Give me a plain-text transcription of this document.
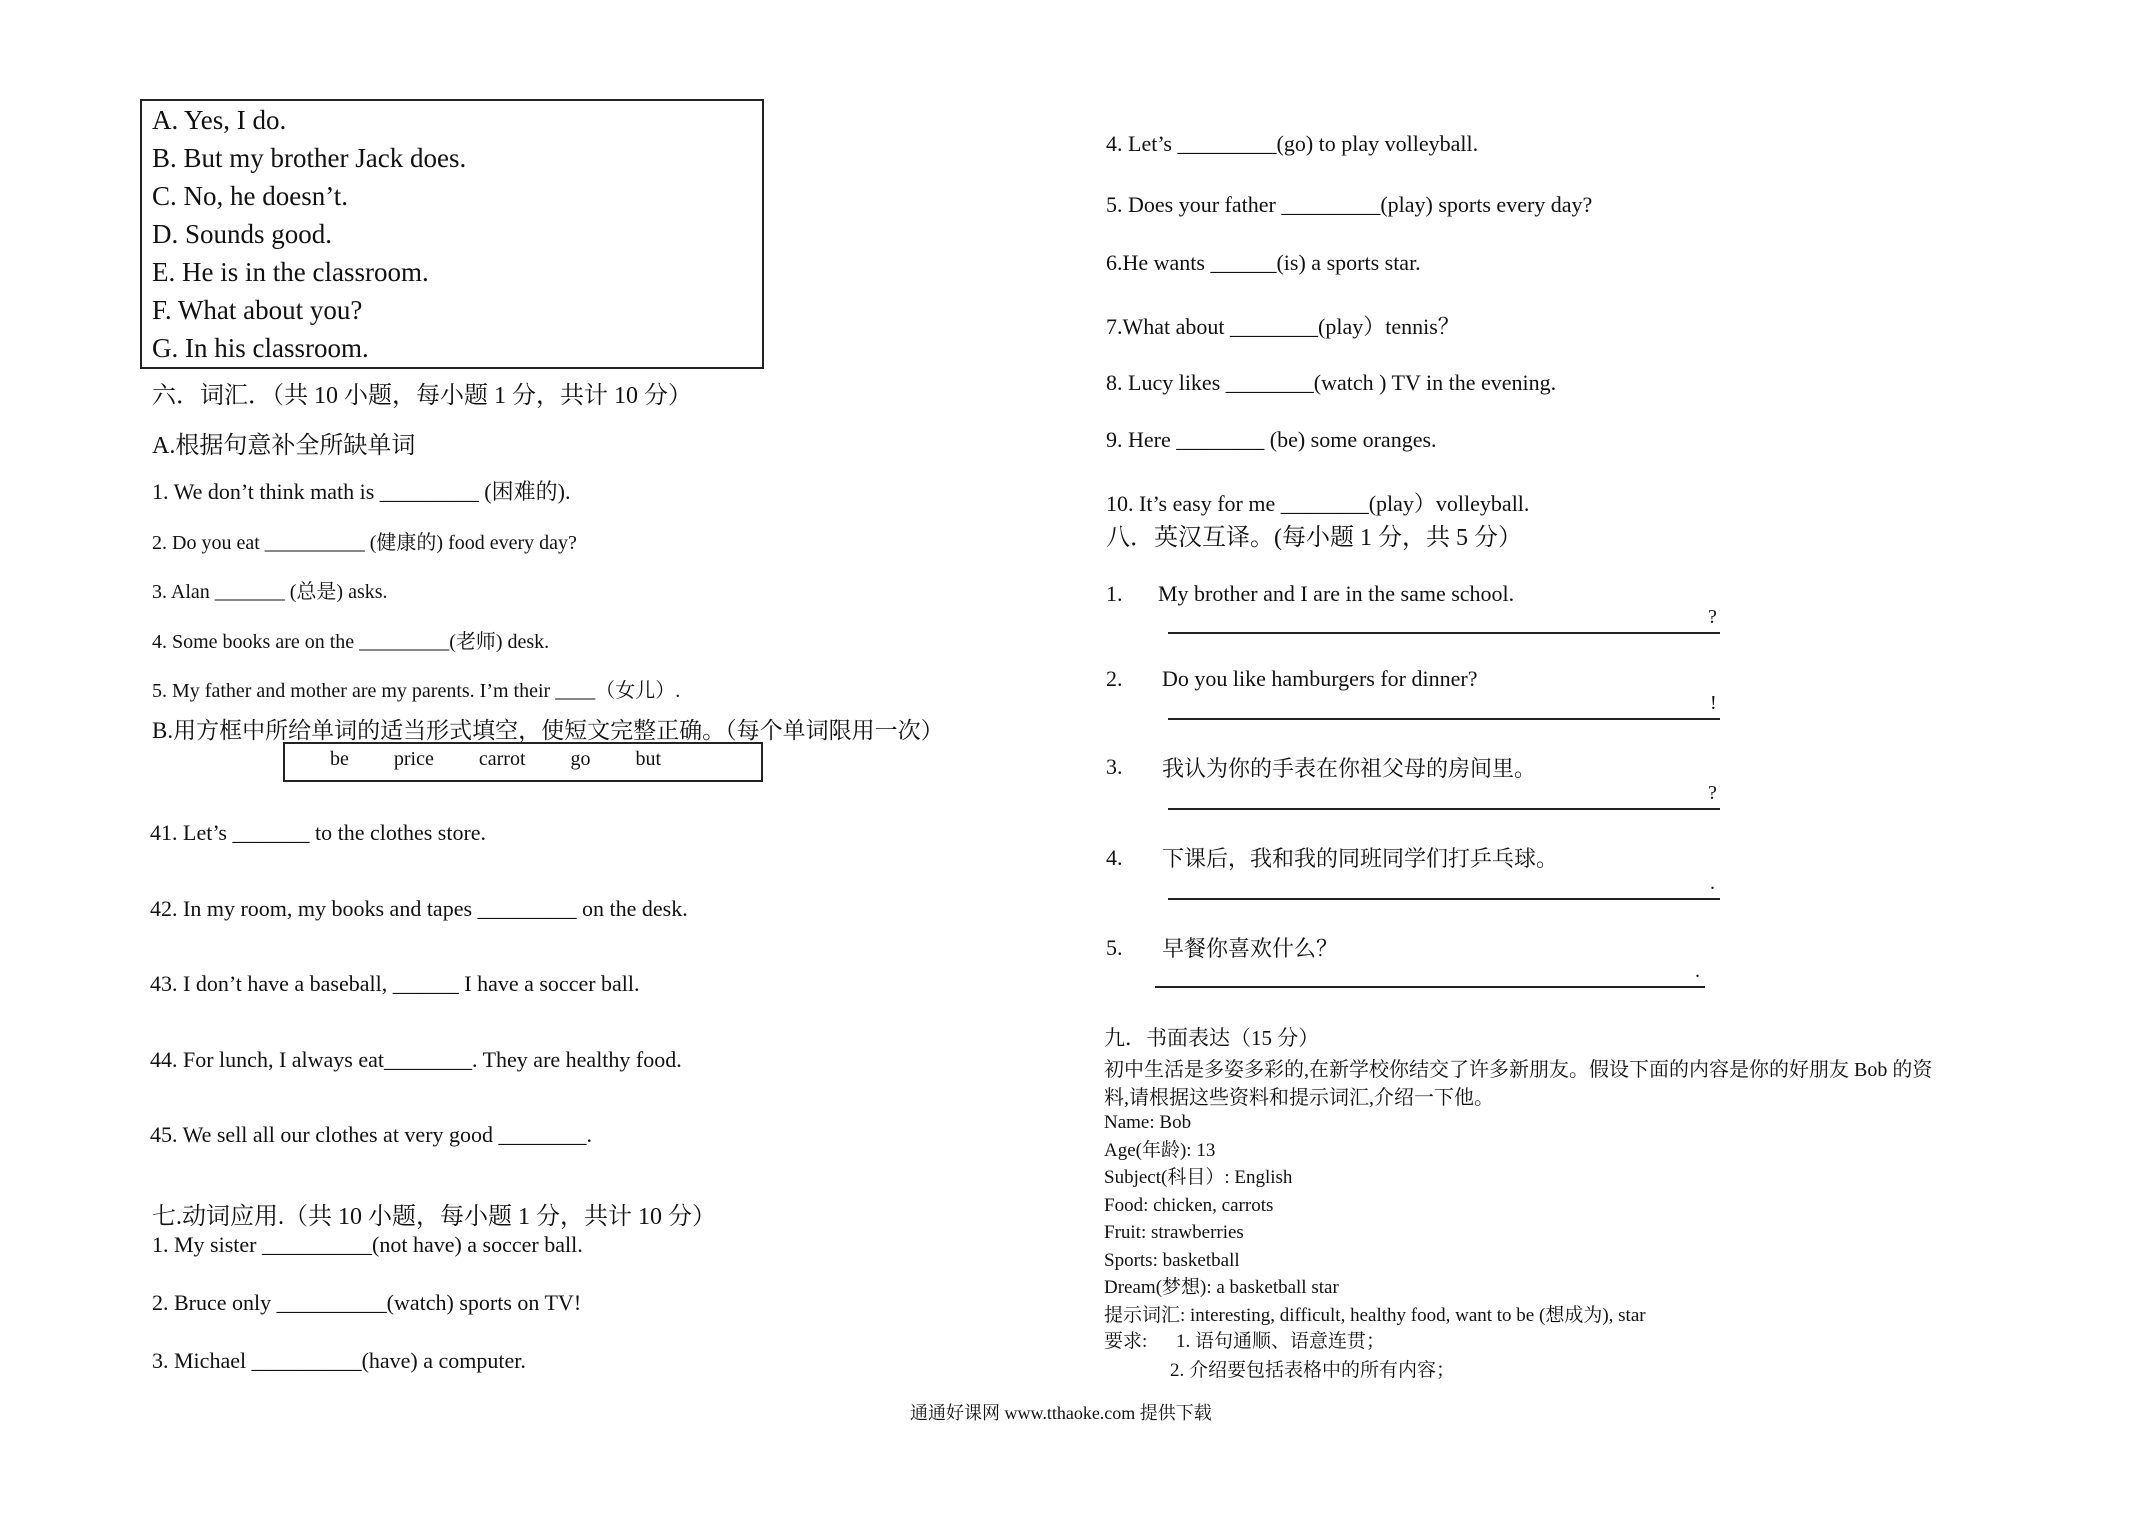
A. Yes, I do.
B. But my brother Jack does.
C. No, he doesn’t.
D. Sounds good.
E. He is in the classroom.
F. What about you?
G. In his classroom.
六．词汇．（共 10 小题，每小题 1 分，共计 10 分）
A.根据句意补全所缺单词
1. We don’t think math is _________ (困难的).
2. Do you eat __________ (健康的) food every day?
3. Alan _______ (总是) asks.
4. Some books are on the _________(老师) desk.
5. My father and mother are my parents. I’m their ____（女儿）.
B.用方框中所给单词的适当形式填空，使短文完整正确。（每个单词限用一次）
be price carrot go but
41. Let’s _______ to the clothes store.
42. In my room, my books and tapes _________ on the desk.
43. I don’t have a baseball, ______ I have a soccer ball.
44. For lunch, I always eat________. They are healthy food.
45. We sell all our clothes at very good ________.
七.动词应用.（共 10 小题，每小题 1 分，共计 10 分）
1. My sister __________(not have) a soccer ball.
2. Bruce only __________(watch) sports on TV!
3. Michael __________(have) a computer.
4. Let’s _________(go) to play volleyball.
5. Does your father _________(play) sports every day?
6.He wants ______(is) a sports star.
7.What about ________(play）tennis？
8. Lucy likes ________(watch ) TV in the evening.
9. Here ________ (be) some oranges.
10. It’s easy for me ________(play）volleyball.
八．英汉互译。(每小题 1 分，共 5 分）
1. My brother and I are in the same school.
?
2. Do you like hamburgers for dinner?
!
3. 我认为你的手表在你祖父母的房间里。
?
4. 下课后，我和我的同班同学们打乒乓球。
.
5. 早餐你喜欢什么？
.
九．书面表达（15 分）
初中生活是多姿多彩的,在新学校你结交了许多新朋友。假设下面的内容是你的好朋友 Bob 的资
料,请根据这些资料和提示词汇,介绍一下他。
Name: Bob
Age(年龄): 13
Subject(科目）: English
Food: chicken, carrots
Fruit: strawberries
Sports: basketball
Dream(梦想): a basketball star
提示词汇: interesting, difficult, healthy food, want to be (想成为), star
要求: 1. 语句通顺、语意连贯；
2. 介绍要包括表格中的所有内容；
通通好课网 www.tthaoke.com 提供下载
